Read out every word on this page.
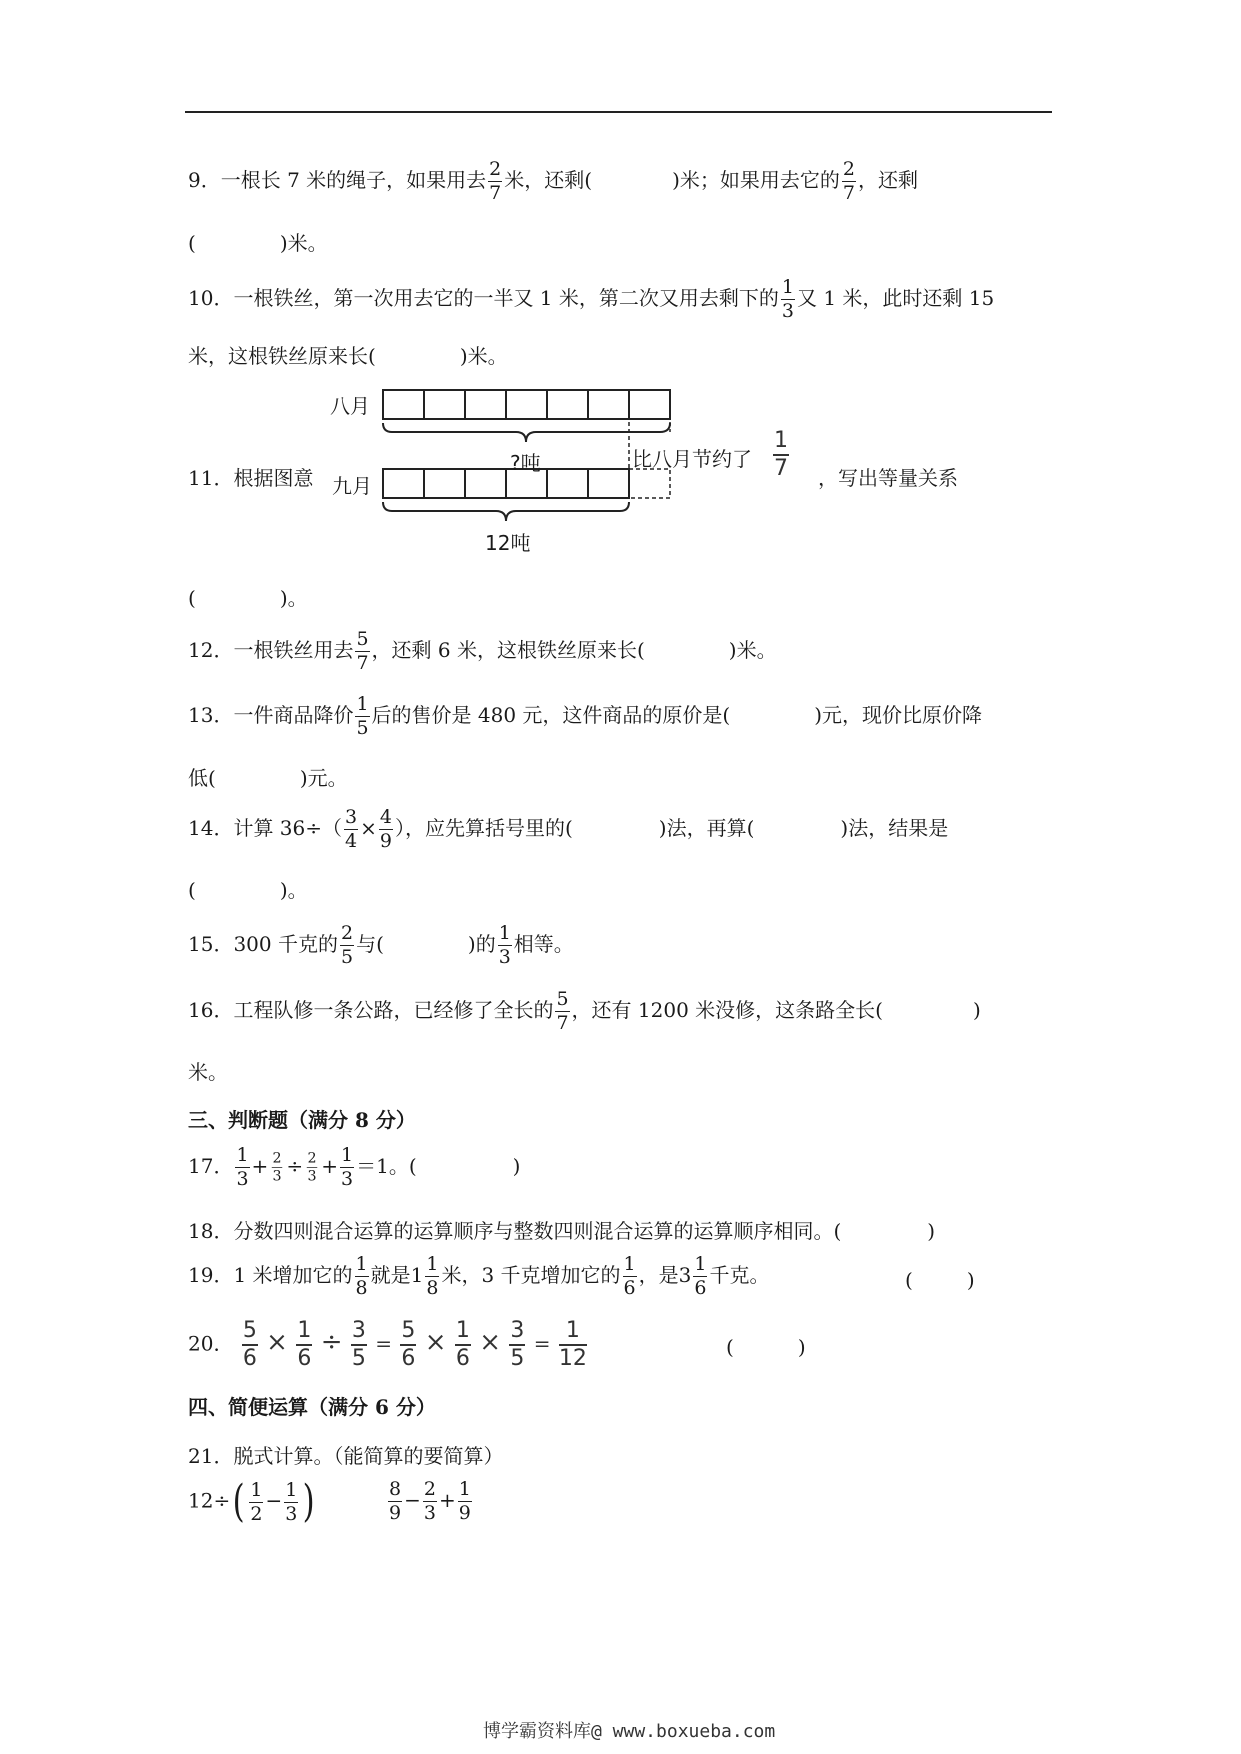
9．一根长 7 米的绳子，如果用去 $\frac{2}{7}$ 米，还剩(	)米；如果用去它的 $\frac{2}{7}$ ，还剩
(	)米。
10．一根铁丝，第一次用去它的一半又 1 米，第二次又用去剩下的 $\frac{1}{3}$ 又 1 米，此时还剩 15
米，这根铁丝原来长(	)米。
八月
?吨	比八月节约了 $\frac{1}{7}$
九月
12吨
11．根据图意	，写出等量关系
(	)。
12．一根铁丝用去 $\frac{5}{7}$ ，还剩 6 米，这根铁丝原来长(	)米。
13．一件商品降价 $\frac{1}{5}$ 后的售价是 480 元，这件商品的原价是(	)元，现价比原价降
低(	)元。
14．计算 $36\div( \frac{3}{4} \times \frac{4}{9}$ ），应先算括号里的(	)法，再算(	)法，结果是
(	)。
15．300 千克的 $\frac{2}{5}$ 与(	)的 $\frac{1}{3}$ 相等。
16．工程队修一条公路，已经修了全长的 $\frac{5}{7}$ ，还有 1200 米没修，这条路全长(	)
米。
三、判断题（满分 8 分）
17． $\frac{1}{3} + \frac{2}{3} \div \frac{2}{3} + \frac{1}{3} =1$。(	)
18．分数四则混合运算的运算顺序与整数四则混合运算的运算顺序相同。(	)
19．1 米增加它的 $\frac{1}{8}$ 就是$1 \frac{1}{8}$ 米，3 千克增加它的 $\frac{1}{6}$ ，是$3 \frac{1}{6}$ 千克。	(	)
20． $\frac{5}{6} \times \frac{1}{6} \div \frac{3}{5} = \frac{5}{6} \times \frac{1}{6} \times \frac{3}{5} = \frac{1}{12}$	(	)
四、简便运算（满分 6 分）
21．脱式计算。（能简算的要简算）
$12\div( \frac{1}{2} - \frac{1}{3}$ )	$\frac{8}{9} - \frac{2}{3} + \frac{1}{9}$
博学霸资料库@ www.boxueba.com
